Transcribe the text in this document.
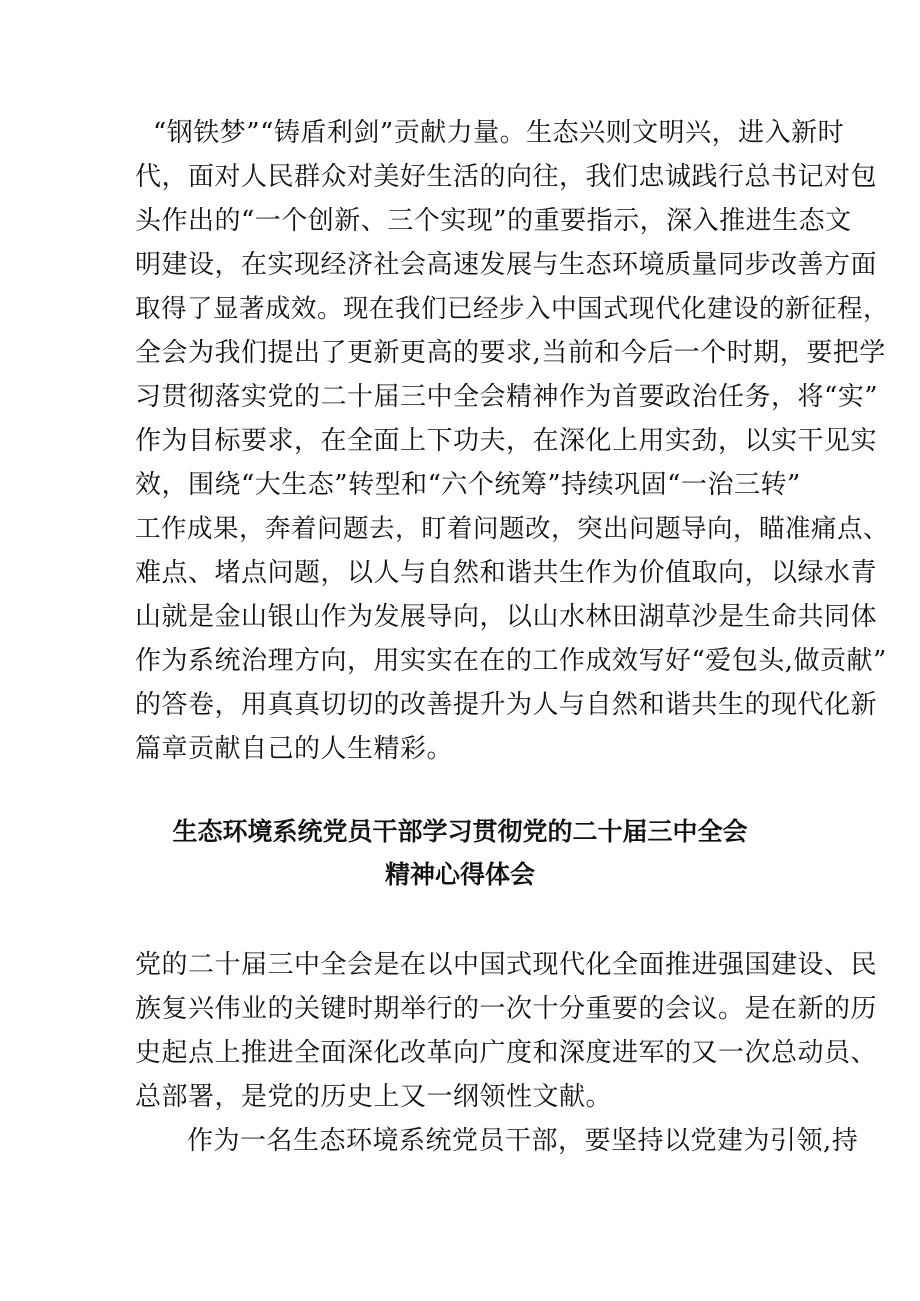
“钢铁梦”“铸盾利剑”贡献力量。生态兴则文明兴，进入新时
代，面对人民群众对美好生活的向往，我们忠诚践行总书记对包
头作出的“一个创新、三个实现”的重要指示，深入推进生态文
明建设，在实现经济社会高速发展与生态环境质量同步改善方面
取得了显著成效。现在我们已经步入中国式现代化建设的新征程，
全会为我们提出了更新更高的要求,当前和今后一个时期，要把学
习贯彻落实党的二十届三中全会精神作为首要政治任务，将“实”
作为目标要求，在全面上下功夫，在深化上用实劲，以实干见实
效，围绕“大生态”转型和“六个统筹”持续巩固“一治三转”
工作成果，奔着问题去，盯着问题改，突出问题导向，瞄准痛点、
难点、堵点问题，以人与自然和谐共生作为价值取向，以绿水青
山就是金山银山作为发展导向，以山水林田湖草沙是生命共同体
作为系统治理方向，用实实在在的工作成效写好“爱包头,做贡献”
的答卷，用真真切切的改善提升为人与自然和谐共生的现代化新
篇章贡献自己的人生精彩。
生态环境系统党员干部学习贯彻党的二十届三中全会
精神心得体会
党的二十届三中全会是在以中国式现代化全面推进强国建设、民
族复兴伟业的关键时期举行的一次十分重要的会议。是在新的历
史起点上推进全面深化改革向广度和深度进军的又一次总动员、
总部署，是党的历史上又一纲领性文献。
作为一名生态环境系统党员干部，要坚持以党建为引领,持
